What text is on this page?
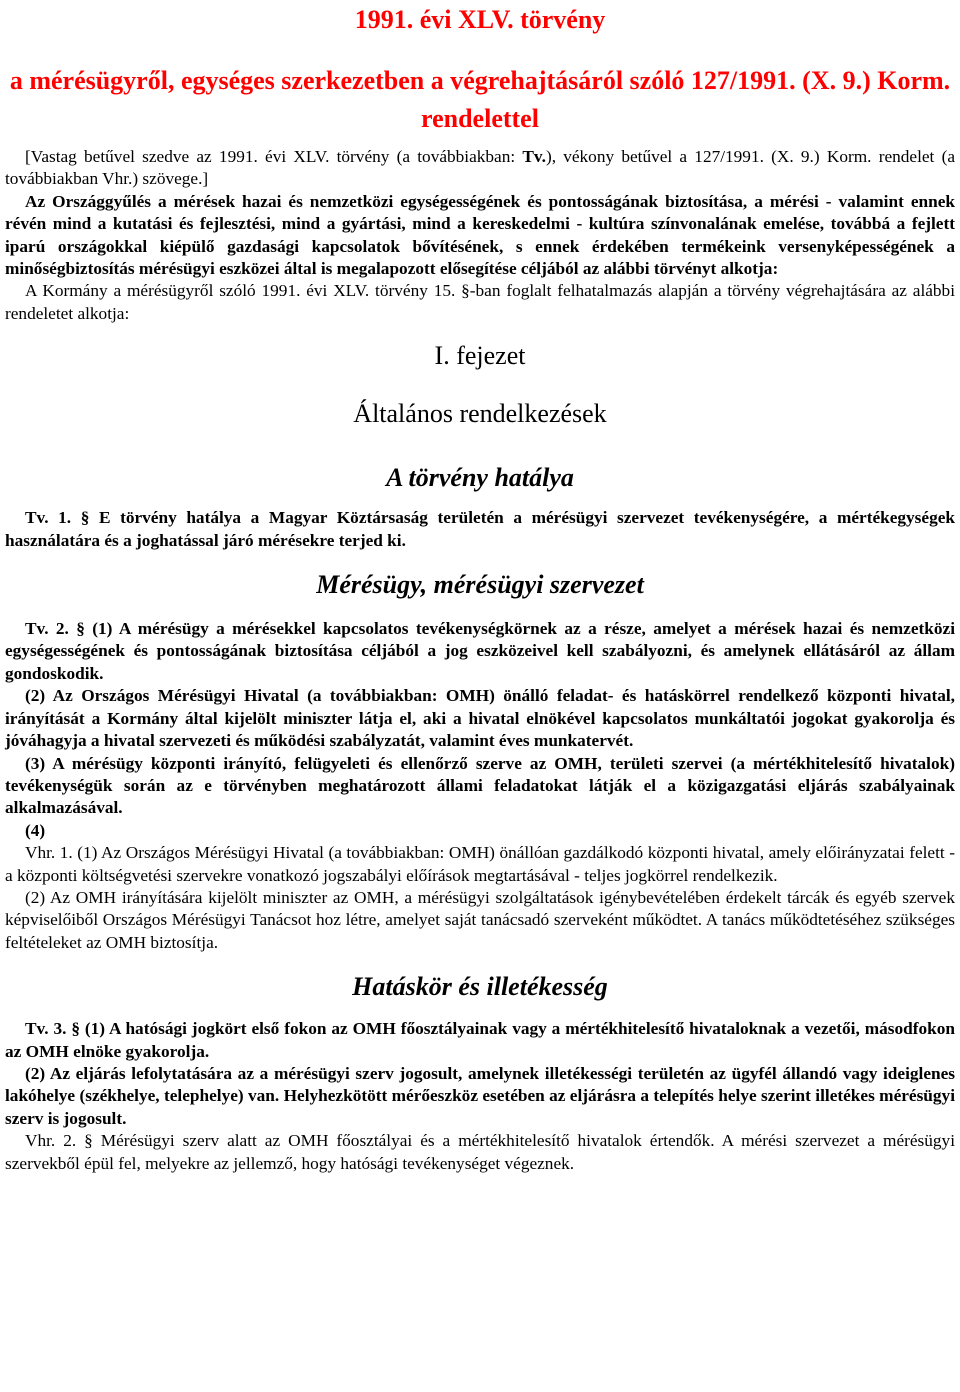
1991. évi XLV. törvény
a mérésügyről, egységes szerkezetben a végrehajtásáról szóló 127/1991. (X. 9.) Korm. rendelettel

[Vastag betűvel szedve az 1991. évi XLV. törvény (a továbbiakban: Tv.), vékony betűvel a 127/1991. (X. 9.) Korm. rendelet (a továbbiakban Vhr.) szövege.]

Az Országgyűlés a mérések hazai és nemzetközi egységességének és pontosságának biztosítása, a mérési - valamint ennek révén mind a kutatási és fejlesztési, mind a gyártási, mind a kereskedelmi - kultúra színvonalának emelése, továbbá a fejlett iparú országokkal kiépülő gazdasági kapcsolatok bővítésének, s ennek érdekében termékeink versenyképességének a minőségbiztosítás mérésügyi eszközei által is megalapozott elősegítése céljából az alábbi törvényt alkotja:

A Kormány a mérésügyről szóló 1991. évi XLV. törvény 15. §-ban foglalt felhatalmazás alapján a törvény végrehajtására az alábbi rendeletet alkotja:

I. fejezet
Általános rendelkezések
A törvény hatálya

Tv. 1. § E törvény hatálya a Magyar Köztársaság területén a mérésügyi szervezet tevékenységére, a mértékegységek használatára és a joghatással járó mérésekre terjed ki.

Mérésügy, mérésügyi szervezet

Tv. 2. § (1) A mérésügy a mérésekkel kapcsolatos tevékenységkörnek az a része, amelyet a mérések hazai és nemzetközi egységességének és pontosságának biztosítása céljából a jog eszközeivel kell szabályozni, és amelynek ellátásáról az állam gondoskodik.

(2) Az Országos Mérésügyi Hivatal (a továbbiakban: OMH) önálló feladat- és hatáskörrel rendelkező központi hivatal, irányítását a Kormány által kijelölt miniszter látja el, aki a hivatal elnökével kapcsolatos munkáltatói jogokat gyakorolja és jóváhagyja a hivatal szervezeti és működési szabályzatát, valamint éves munkatervét.

(3) A mérésügy központi irányító, felügyeleti és ellenőrző szerve az OMH, területi szervei (a mértékhitelesítő hivatalok) tevékenységük során az e törvényben meghatározott állami feladatokat látják el a közigazgatási eljárás szabályainak alkalmazásával.

(4)

Vhr. 1. (1) Az Országos Mérésügyi Hivatal (a továbbiakban: OMH) önállóan gazdálkodó központi hivatal, amely előirányzatai felett - a központi költségvetési szervekre vonatkozó jogszabályi előírások megtartásával - teljes jogkörrel rendelkezik.

(2) Az OMH irányítására kijelölt miniszter az OMH, a mérésügyi szolgáltatások igénybevételében érdekelt tárcák és egyéb szervek képviselőiből Országos Mérésügyi Tanácsot hoz létre, amelyet saját tanácsadó szerveként működtet. A tanács működtetéséhez szükséges feltételeket az OMH biztosítja.

Hatáskör és illetékesség

Tv. 3. § (1) A hatósági jogkört első fokon az OMH főosztályainak vagy a mértékhitelesítő hivataloknak a vezetői, másodfokon az OMH elnöke gyakorolja.

(2) Az eljárás lefolytatására az a mérésügyi szerv jogosult, amelynek illetékességi területén az ügyfél állandó vagy ideiglenes lakóhelye (székhelye, telephelye) van. Helyhezkötött mérőeszköz esetében az eljárásra a telepítés helye szerint illetékes mérésügyi szerv is jogosult.

Vhr. 2. § Mérésügyi szerv alatt az OMH főosztályai és a mértékhitelesítő hivatalok értendők. A mérési szervezet a mérésügyi szervekből épül fel, melyekre az jellemző, hogy hatósági tevékenységet végeznek.
